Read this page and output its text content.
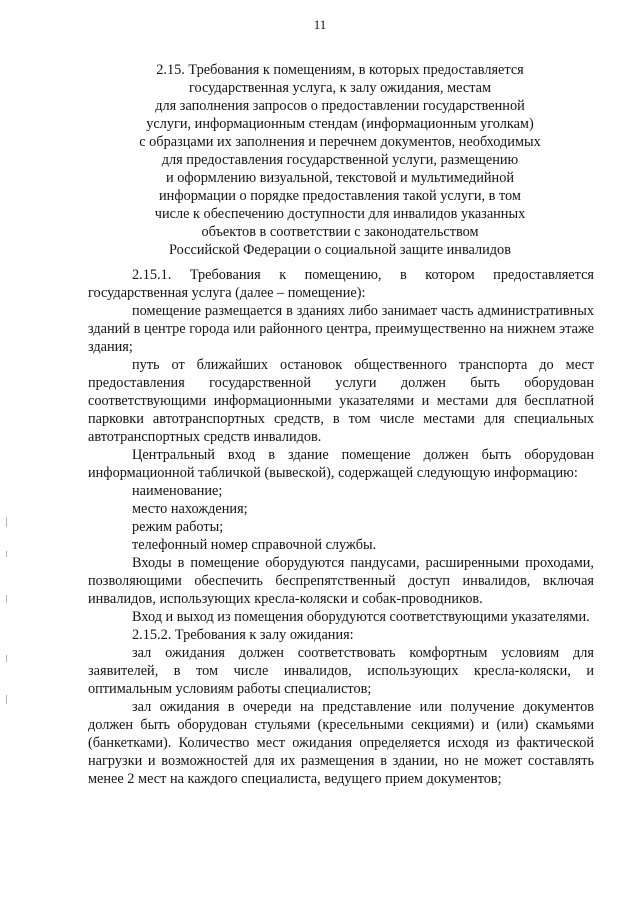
11
2.15. Требования к помещениям, в которых предоставляется
государственная услуга, к залу ожидания, местам
для заполнения запросов о предоставлении государственной
услуги, информационным стендам (информационным уголкам)
с образцами их заполнения и перечнем документов, необходимых
для предоставления государственной услуги, размещению
и оформлению визуальной, текстовой и мультимедийной
информации о порядке предоставления такой услуги, в том
числе к обеспечению доступности для инвалидов указанных
объектов в соответствии с законодательством
Российской Федерации о социальной защите инвалидов

2.15.1. Требования к помещению, в котором предоставляется государственная услуга (далее – помещение):

помещение размещается в зданиях либо занимает часть административных зданий в центре города или районного центра, преимущественно на нижнем этаже здания;

путь от ближайших остановок общественного транспорта до мест предоставления государственной услуги должен быть оборудован соответствующими информационными указателями и местами для бесплатной парковки автотранспортных средств, в том числе местами для специальных автотранспортных средств инвалидов.

Центральный вход в здание помещение должен быть оборудован информационной табличкой (вывеской), содержащей следующую информацию:

наименование;

место нахождения;

режим работы;

телефонный номер справочной службы.

Входы в помещение оборудуются пандусами, расширенными проходами, позволяющими обеспечить беспрепятственный доступ инвалидов, включая инвалидов, использующих кресла-коляски и собак-проводников.

Вход и выход из помещения оборудуются соответствующими указателями.

2.15.2. Требования к залу ожидания:

зал ожидания должен соответствовать комфортным условиям для заявителей, в том числе инвалидов, использующих кресла-коляски, и оптимальным условиям работы специалистов;

зал ожидания в очереди на представление или получение документов должен быть оборудован стульями (кресельными секциями) и (или) скамьями (банкетками). Количество мест ожидания определяется исходя из фактической нагрузки и возможностей для их размещения в здании, но не может составлять менее 2 мест на каждого специалиста, ведущего прием документов;
